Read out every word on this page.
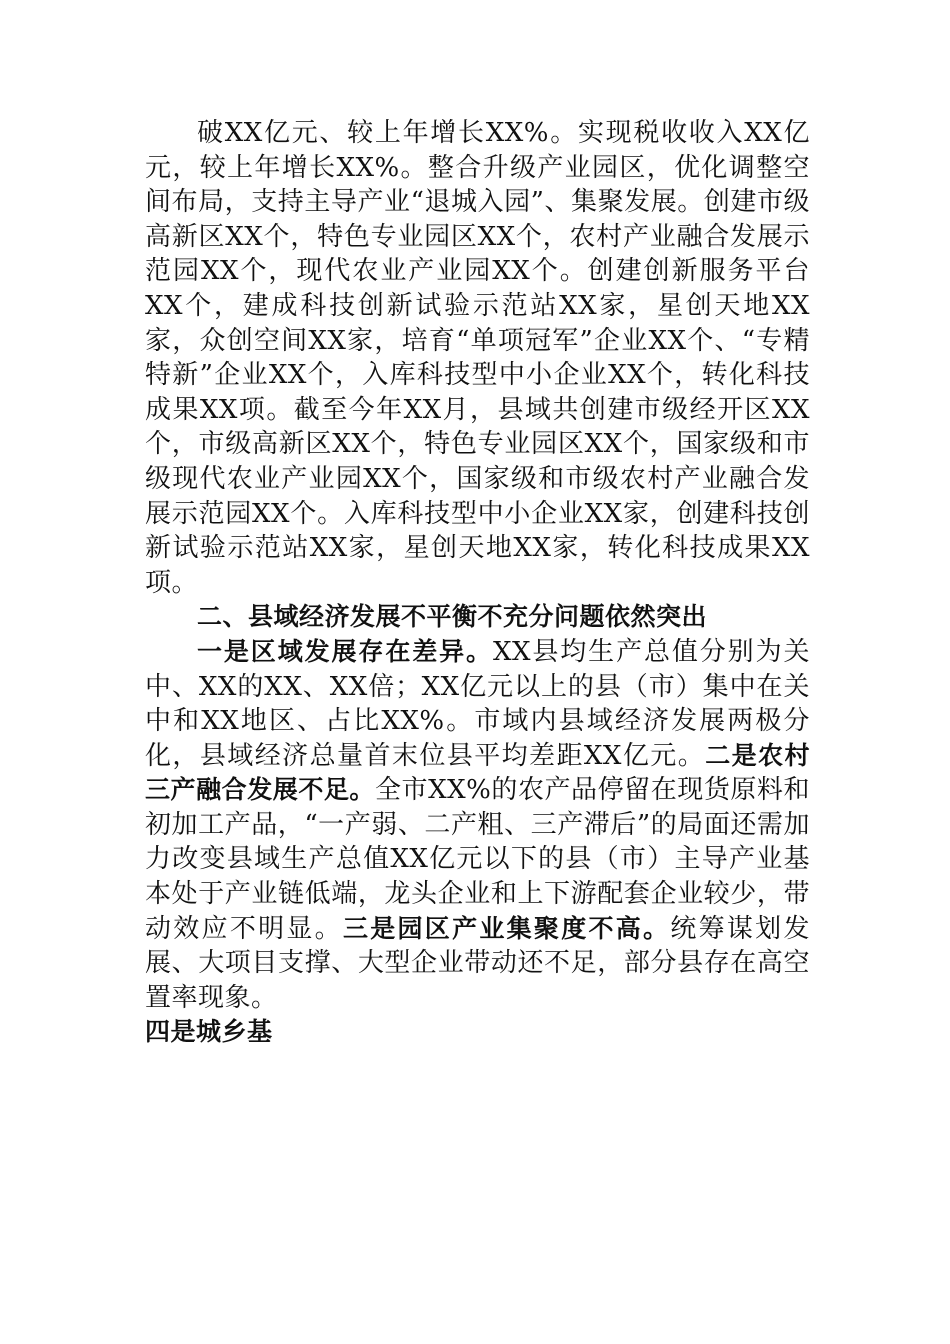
破XX亿元、较上年增长XX%。实现税收收入XX亿元，较上年增长XX%。整合升级产业园区，优化调整空间布局，支持主导产业“退城入园”、集聚发展。创建市级高新区XX个，特色专业园区XX个，农村产业融合发展示范园XX个，现代农业产业园XX个。创建创新服务平台XX个，建成科技创新试验示范站XX家，星创天地XX家，众创空间XX家，培育“单项冠军”企业XX个、“专精特新”企业XX个，入库科技型中小企业XX个，转化科技成果XX项。截至今年XX月，县域共创建市级经开区XX个，市级高新区XX个，特色专业园区XX个，国家级和市级现代农业产业园XX个，国家级和市级农村产业融合发展示范园XX个。入库科技型中小企业XX家，创建科技创新试验示范站XX家，星创天地XX家，转化科技成果XX项。

二、县域经济发展不平衡不充分问题依然突出

一是区域发展存在差异。XX县均生产总值分别为关中、XX的XX、XX倍；XX亿元以上的县（市）集中在关中和XX地区、占比XX%。市域内县域经济发展两极分化，县域经济总量首末位县平均差距XX亿元。二是农村三产融合发展不足。全市XX%的农产品停留在现货原料和初加工产品，“一产弱、二产粗、三产滞后”的局面还需加力改变县域生产总值XX亿元以下的县（市）主导产业基本处于产业链低端，龙头企业和上下游配套企业较少，带动效应不明显。三是园区产业集聚度不高。统筹谋划发展、大项目支撑、大型企业带动还不足，部分县存在高空置率现象。

四是城乡基
